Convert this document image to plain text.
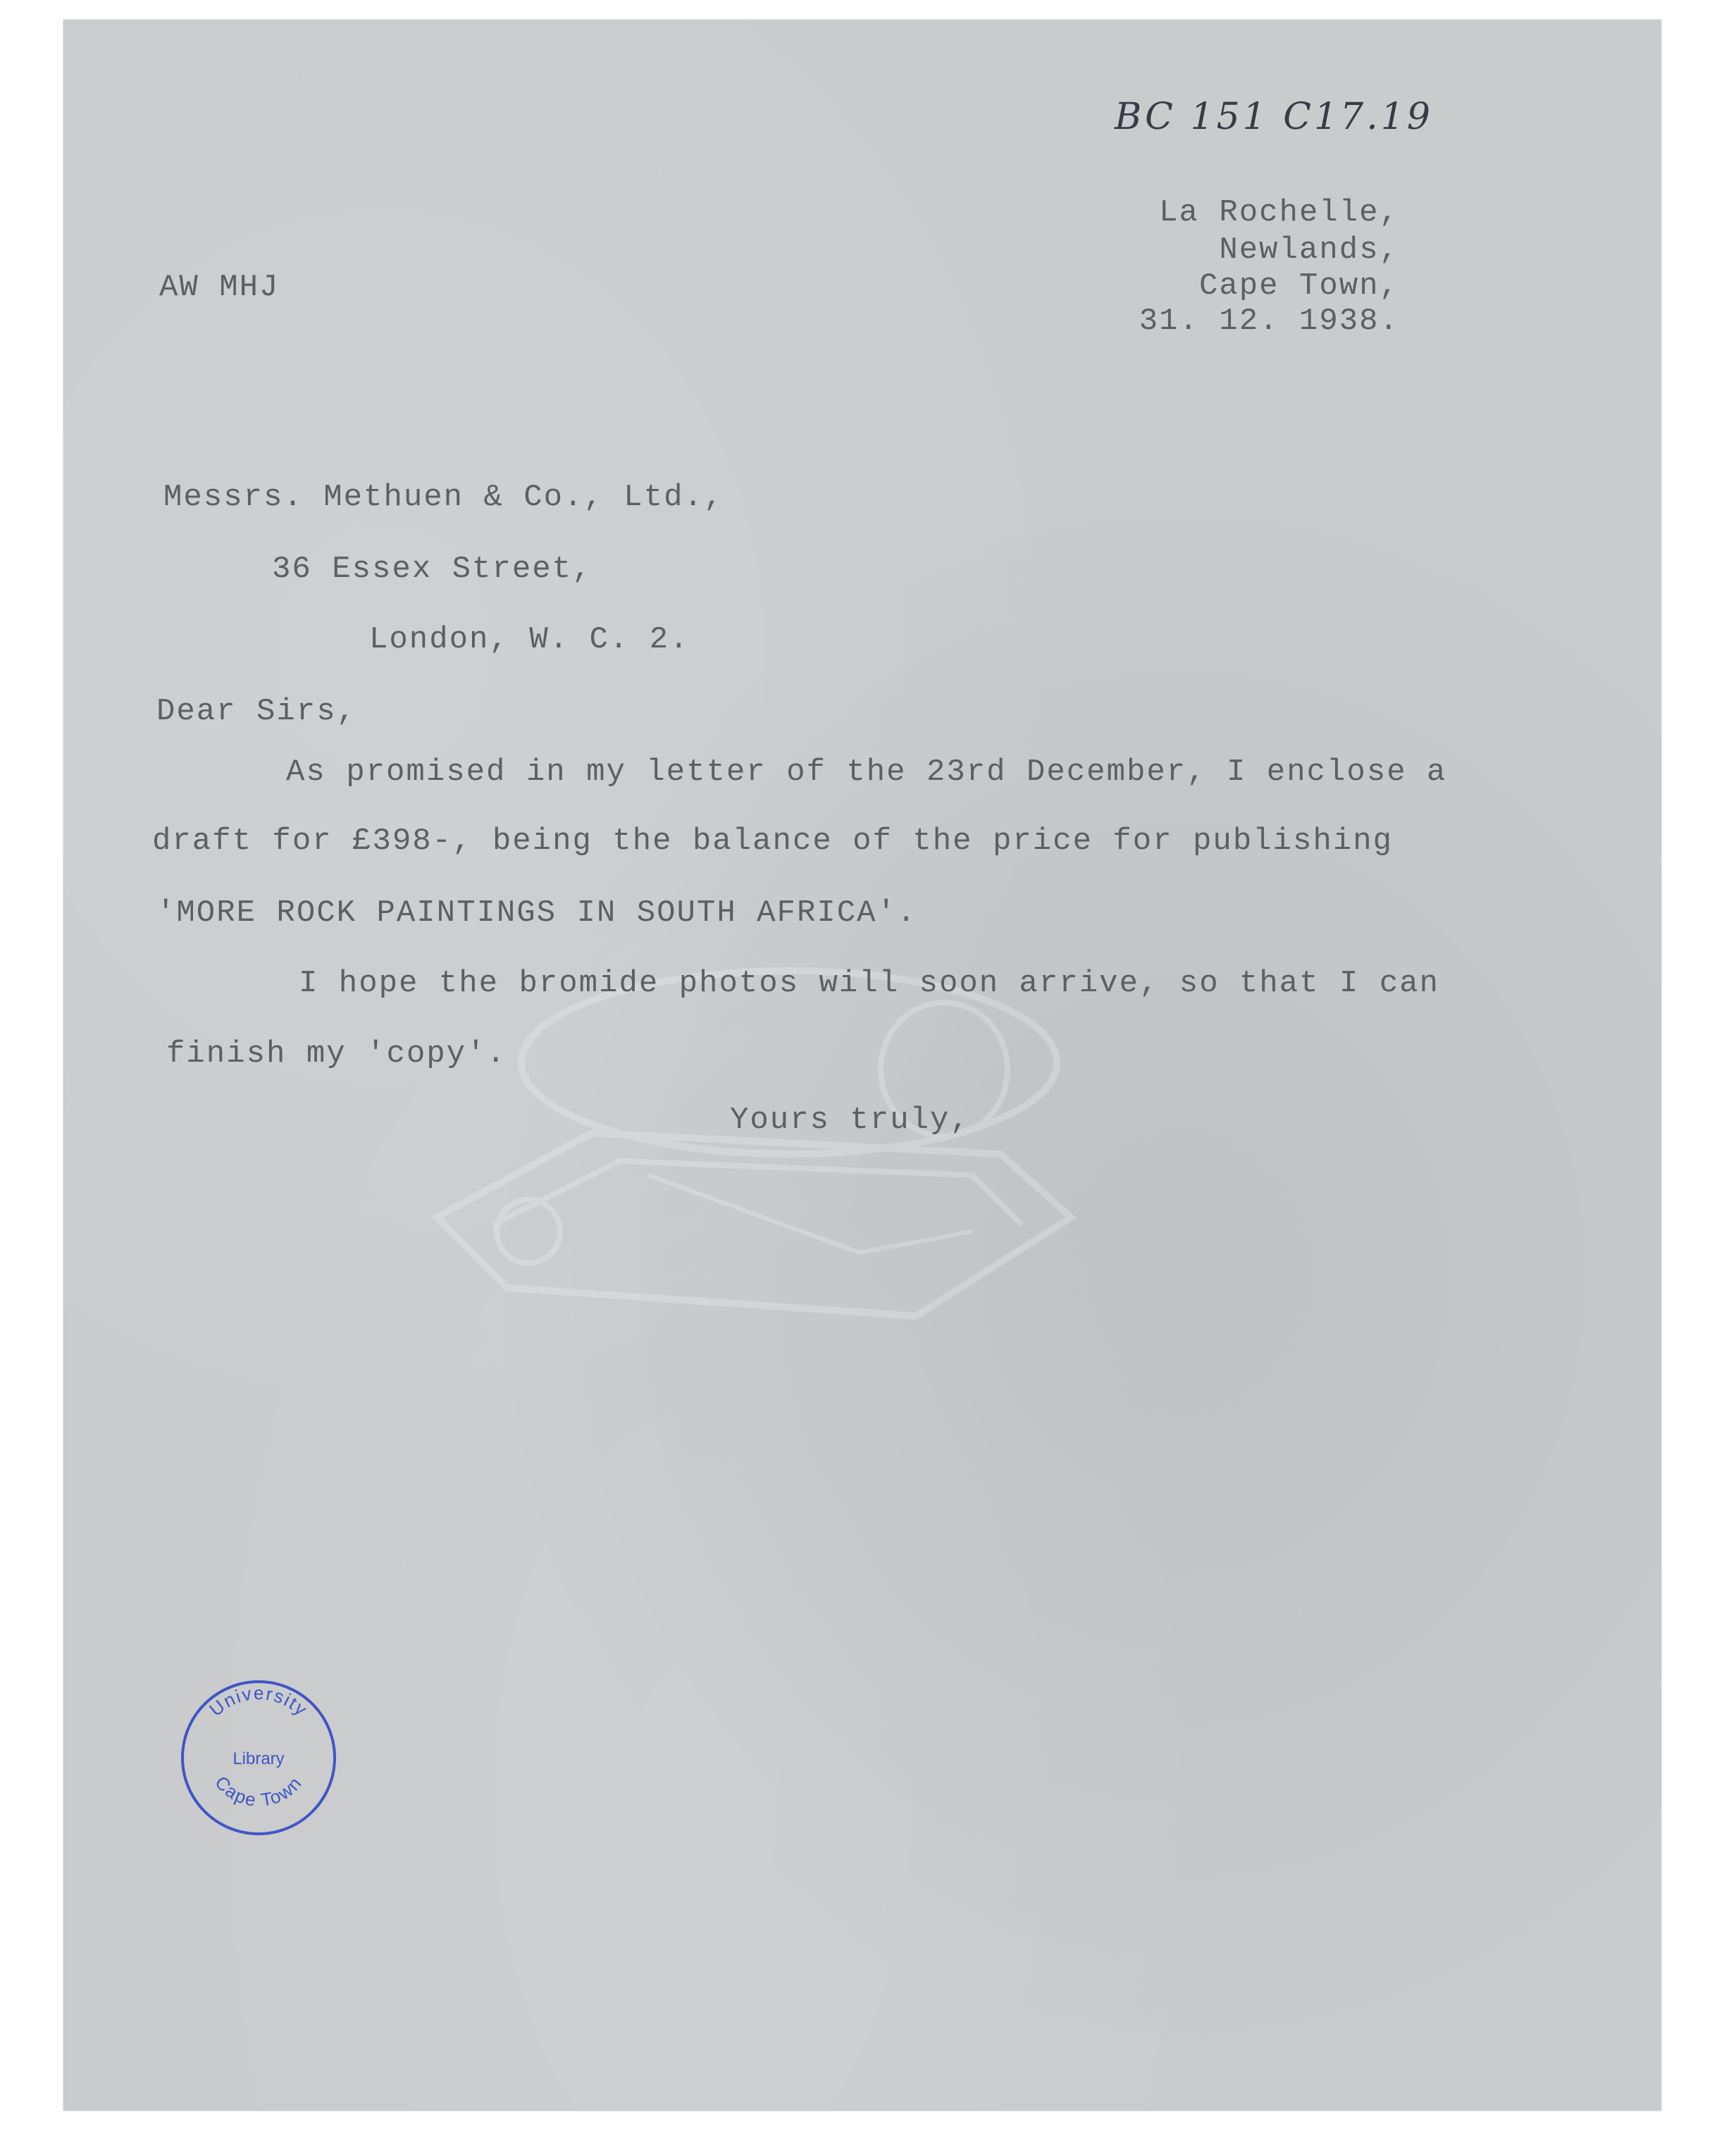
BC 151 C17.19
AW MHJ
La Rochelle,
Newlands,
Cape Town,
31. 12. 1938.
Messrs. Methuen & Co., Ltd.,
36 Essex Street,
London, W. C. 2.
Dear Sirs,
As promised in my letter of the 23rd December, I enclose a
draft for £398-, being the balance of the price for publishing
'MORE ROCK PAINTINGS IN SOUTH AFRICA'.
I hope the bromide photos will soon arrive, so that I can
finish my 'copy'.
Yours truly,
University
Library
Cape Town
